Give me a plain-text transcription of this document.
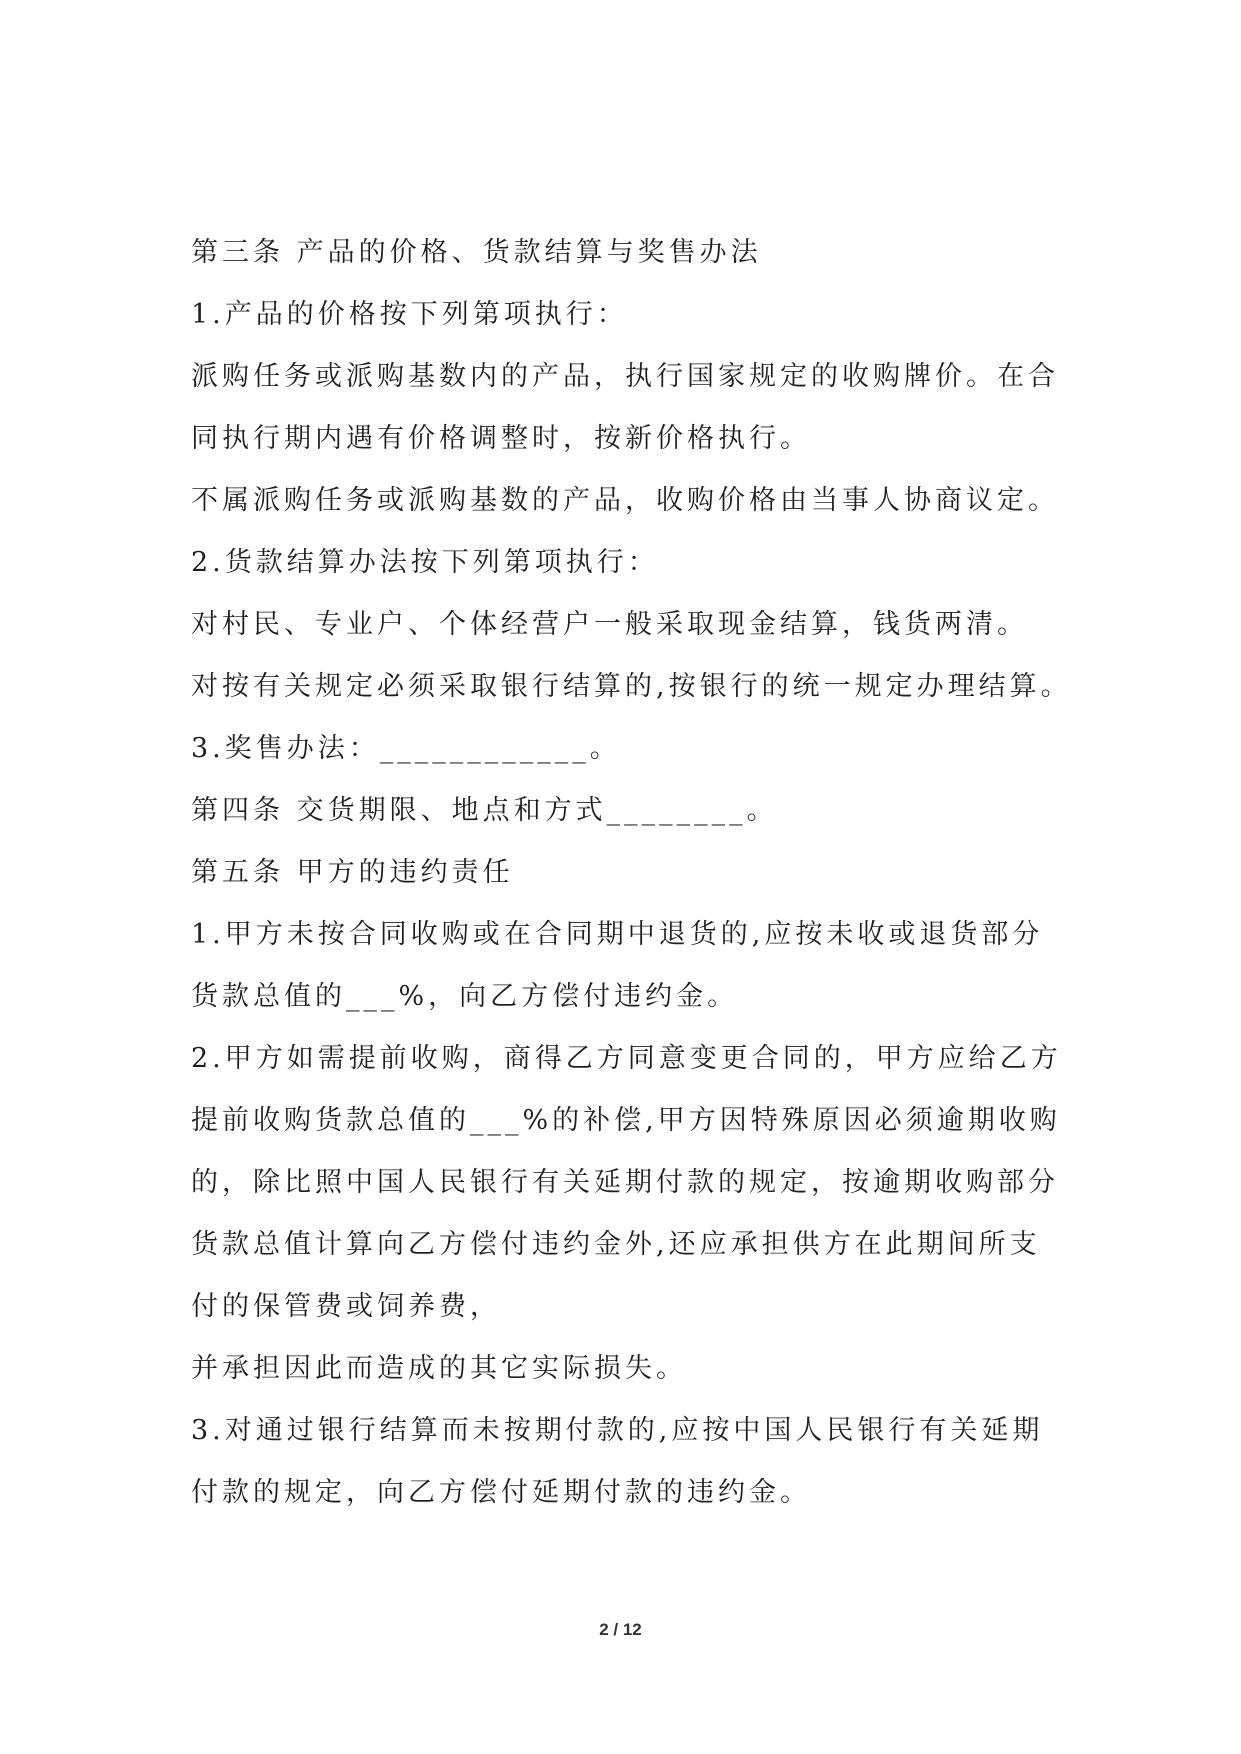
第三条 产品的价格、货款结算与奖售办法
1.产品的价格按下列第项执行：
派购任务或派购基数内的产品，执行国家规定的收购牌价。在合
同执行期内遇有价格调整时，按新价格执行。
不属派购任务或派购基数的产品，收购价格由当事人协商议定。
2.货款结算办法按下列第项执行：
对村民、专业户、个体经营户一般采取现金结算，钱货两清。
对按有关规定必须采取银行结算的,按银行的统一规定办理结算。
3.奖售办法：____________。
第四条 交货期限、地点和方式________。
第五条 甲方的违约责任
1.甲方未按合同收购或在合同期中退货的,应按未收或退货部分
货款总值的___%，向乙方偿付违约金。
2.甲方如需提前收购，商得乙方同意变更合同的，甲方应给乙方
提前收购货款总值的___%的补偿,甲方因特殊原因必须逾期收购
的，除比照中国人民银行有关延期付款的规定，按逾期收购部分
货款总值计算向乙方偿付违约金外,还应承担供方在此期间所支
付的保管费或饲养费，
并承担因此而造成的其它实际损失。
3.对通过银行结算而未按期付款的,应按中国人民银行有关延期
付款的规定，向乙方偿付延期付款的违约金。
2 / 12
